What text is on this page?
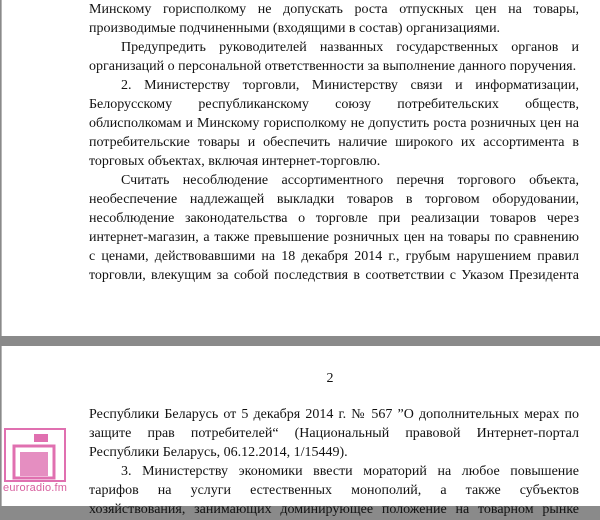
Минскому горисполкому не допускать роста отпускных цен на товары,
производимые подчиненными (входящими в состав) организациями.
Предупредить руководителей названных государственных органов и
организаций о персональной ответственности за выполнение данного поручения.
2. Министерству торговли, Министерству связи и информатизации,
Белорусскому республиканскому союзу потребительских обществ,
облисполкомам и Минскому горисполкому не допустить роста розничных цен на
потребительские товары и обеспечить наличие широкого их ассортимента в
торговых объектах, включая интернет-торговлю.
Считать несоблюдение ассортиментного перечня торгового объекта,
необеспечение надлежащей выкладки товаров в торговом оборудовании,
несоблюдение законодательства о торговле при реализации товаров через
интернет-магазин, а также превышение розничных цен на товары по сравнению
с ценами, действовавшими на 18 декабря 2014 г., грубым нарушением правил
торговли, влекущим за собой последствия в соответствии с Указом Президента
2
Республики Беларусь от 5 декабря 2014 г. № 567 ”О дополнительных мерах по
защите прав потребителей“ (Национальный правовой Интернет-портал
Республики Беларусь, 06.12.2014, 1/15449).
3. Министерству экономики ввести мораторий на любое повышение
тарифов на услуги естественных монополий, а также субъектов
хозяйствования, занимающих доминирующее положение на товарном рынке
euroradio.fm
